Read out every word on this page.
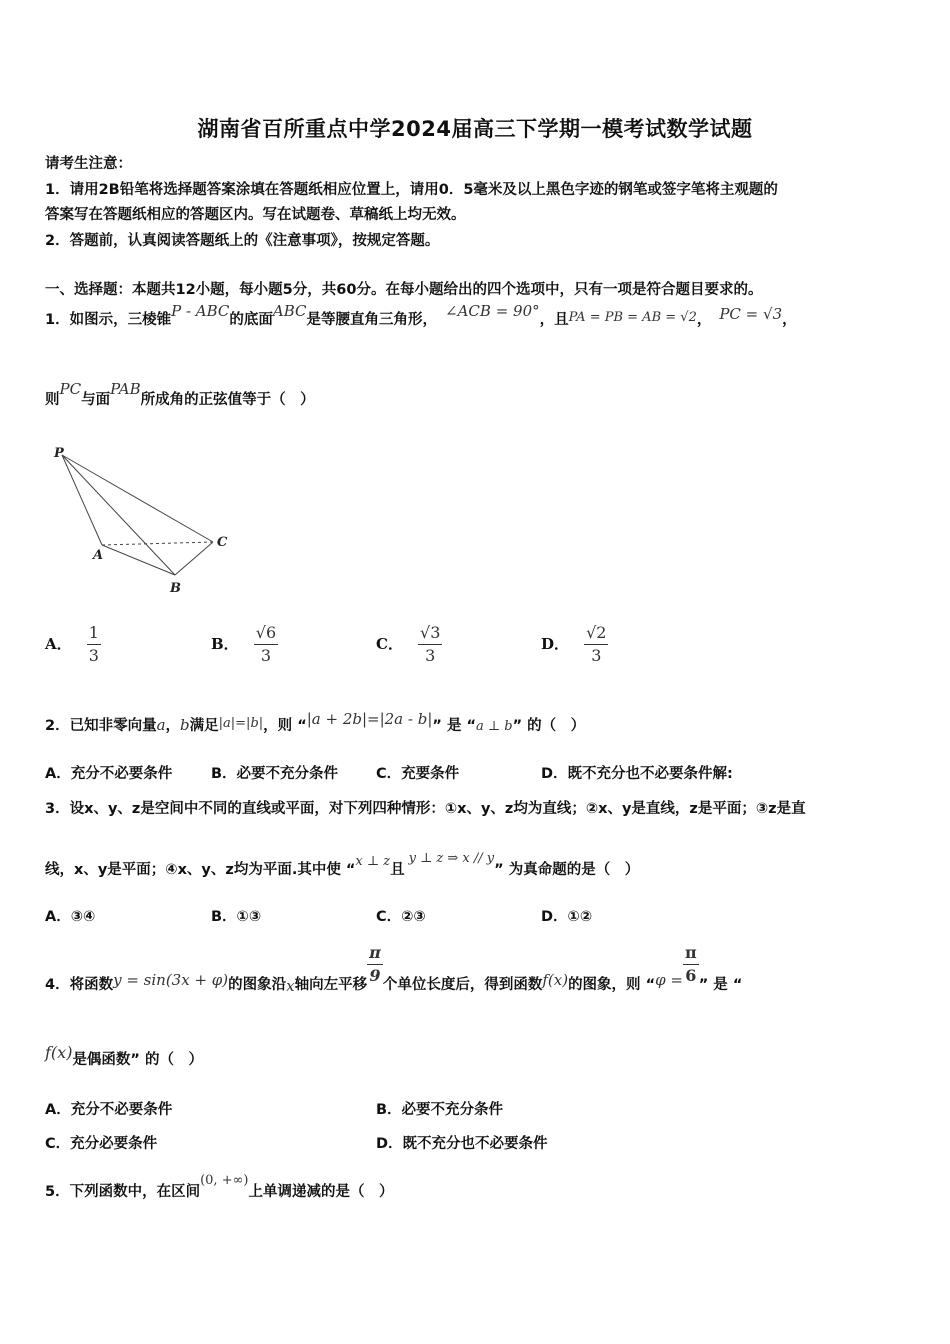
湖南省百所重点中学2024届高三下学期一模考试数学试题
请考生注意：
1．请用2B铅笔将选择题答案涂填在答题纸相应位置上，请用0．5毫米及以上黑色字迹的钢笔或签字笔将主观题的
答案写在答题纸相应的答题区内。写在试题卷、草稿纸上均无效。
2．答题前，认真阅读答题纸上的《注意事项》，按规定答题。
一、选择题：本题共12小题，每小题5分，共60分。在每小题给出的四个选项中，只有一项是符合题目要求的。
1．如图示，三棱锥P - ABC的底面ABC是等腰直角三角形， ∠ACB = 90°，且PA = PB = AB = √2， PC = √3，
则PC与面PAB所成角的正弦值等于（　）
P
A
B
C
A． $\frac{1}{3}$	B． $\frac{√6}{3}$	C． $\frac{√3}{3}$	D． $\frac{√2}{3}$
2．已知非零向量a，b满足|a|=|b|，则 “|a + 2b|=|2a - b|” 是 “a ⊥ b” 的（　）
A．充分不必要条件	B．必要不充分条件	C．充要条件	D．既不充分也不必要条件解:
3．设x、y、z是空间中不同的直线或平面，对下列四种情形：①x、y、z均为直线；②x、y是直线，z是平面；③z是直
线，x、y是平面；④x、y、z均为平面.其中使 “x ⊥ z且y ⊥ z ⇒ x // y” 为真命题的是（　）
A．③④	B．①③	C．②③	D．①②
4．将函数y = sin(3x + φ)的图象沿x轴向左平移 $\frac{\pi}{9}$ 个单位长度后，得到函数f(x)的图象，则 “$\varphi = \frac{\pi}{6}$ ” 是 “
f(x)是偶函数” 的（　）
A．充分不必要条件	B．必要不充分条件
C．充分必要条件	D．既不充分也不必要条件
5．下列函数中，在区间(0, +∞)上单调递减的是（　）
